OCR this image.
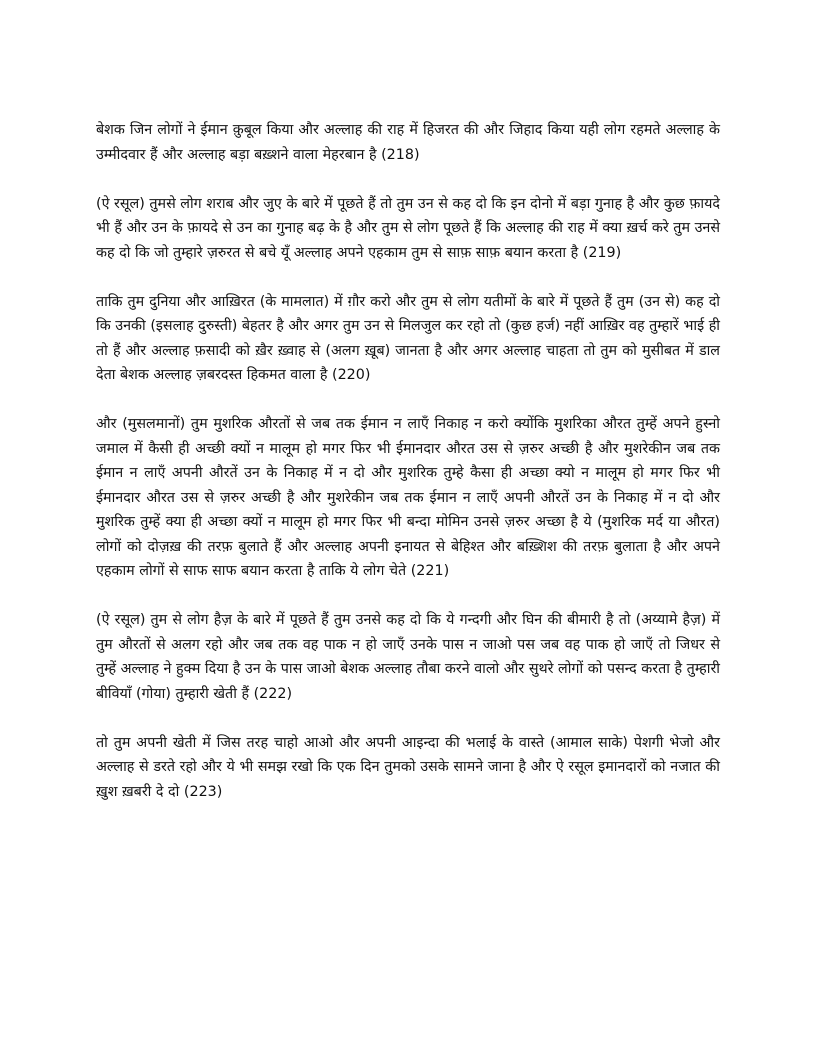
बेशक जिन लोगों ने ईमान क़ुबूल किया और अल्लाह की राह में हिजरत की और जिहाद किया यही लोग रहमते अल्लाह के उम्मीदवार हैं और अल्लाह बड़ा बख़्शने वाला मेहरबान है (218)

(ऐ रसूल) तुमसे लोग शराब और जुए के बारे में पूछते हैं तो तुम उन से कह दो कि इन दोनो में बड़ा गुनाह है और कुछ फ़ायदे भी हैं और उन के फ़ायदे से उन का गुनाह बढ़ के है और तुम से लोग पूछते हैं कि अल्लाह की राह में क्या ख़र्च करे तुम उनसे कह दो कि जो तुम्हारे ज़रुरत से बचे यूँ अल्लाह अपने एहकाम तुम से साफ़ साफ़ बयान करता है (219)

ताकि तुम दुनिया और आख़िरत (के मामलात) में ग़ौर करो और तुम से लोग यतीमों के बारे में पूछते हैं तुम (उन से) कह दो कि उनकी (इसलाह दुरुस्ती) बेहतर है और अगर तुम उन से मिलजुल कर रहो तो (कुछ हर्ज) नहीं आख़िर वह तुम्हारें भाई ही तो हैं और अल्लाह फ़सादी को ख़ैर ख़्वाह से (अलग ख़ूब) जानता है और अगर अल्लाह चाहता तो तुम को मुसीबत में डाल देता बेशक अल्लाह ज़बरदस्त हिकमत वाला है (220)

और (मुसलमानों) तुम मुशरिक औरतों से जब तक ईमान न लाएँ निकाह न करो क्योंकि मुशरिका औरत तुम्हें अपने हुस्नो जमाल में कैसी ही अच्छी क्यों न मालूम हो मगर फिर भी ईमानदार औरत उस से ज़रुर अच्छी है और मुशरेकीन जब तक ईमान न लाएँ अपनी औरतें उन के निकाह में न दो और मुशरिक तुम्हे कैसा ही अच्छा क्यो न मालूम हो मगर फिर भी ईमानदार औरत उस से ज़रुर अच्छी है और मुशरेकीन जब तक ईमान न लाएँ अपनी औरतें उन के निकाह में न दो और मुशरिक तुम्हें क्या ही अच्छा क्यों न मालूम हो मगर फिर भी बन्दा मोमिन उनसे ज़रुर अच्छा है ये (मुशरिक मर्द या औरत) लोगों को दोज़ख़ की तरफ़ बुलाते हैं और अल्लाह अपनी इनायत से बेहिश्त और बख़्शिश की तरफ़ बुलाता है और अपने एहकाम लोगों से साफ साफ बयान करता है ताकि ये लोग चेते (221)

(ऐ रसूल) तुम से लोग हैज़ के बारे में पूछते हैं तुम उनसे कह दो कि ये गन्दगी और घिन की बीमारी है तो (अय्यामे हैज़) में तुम औरतों से अलग रहो और जब तक वह पाक न हो जाएँ उनके पास न जाओ पस जब वह पाक हो जाएँ तो जिधर से तुम्हें अल्लाह ने हुक्म दिया है उन के पास जाओ बेशक अल्लाह तौबा करने वालो और सुथरे लोगों को पसन्द करता है तुम्हारी बीवियाँ (गोया) तुम्हारी खेती हैं (222)

तो तुम अपनी खेती में जिस तरह चाहो आओ और अपनी आइन्दा की भलाई के वास्ते (आमाल साके) पेशगी भेजो और अल्लाह से डरते रहो और ये भी समझ रखो कि एक दिन तुमको उसके सामने जाना है और ऐ रसूल इमानदारों को नजात की ख़ुश ख़बरी दे दो (223)
